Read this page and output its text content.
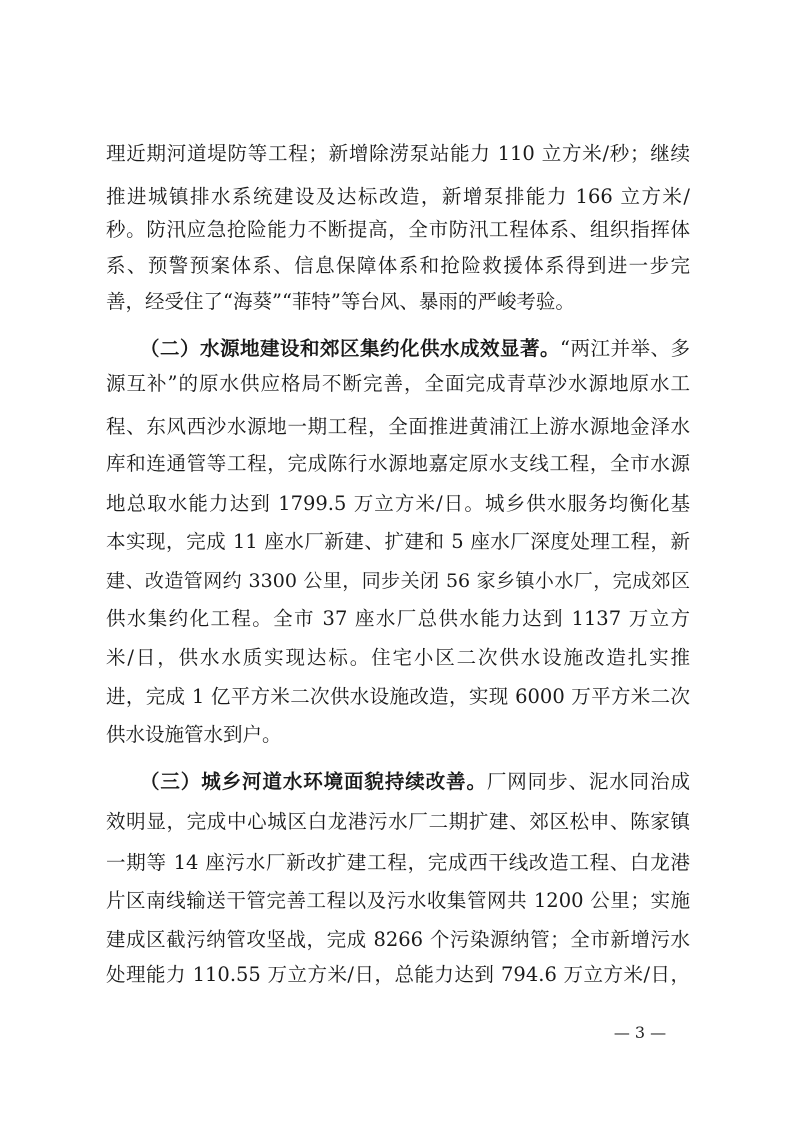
理近期河道堤防等工程；新增除涝泵站能力 110 立方米/秒；继续
推进城镇排水系统建设及达标改造，新增泵排能力 166 立方米/
秒。防汛应急抢险能力不断提高，全市防汛工程体系、组织指挥体
系、预警预案体系、信息保障体系和抢险救援体系得到进一步完
善，经受住了“海葵”“菲特”等台风、暴雨的严峻考验。
（二）水源地建设和郊区集约化供水成效显著。“两江并举、多
源互补”的原水供应格局不断完善，全面完成青草沙水源地原水工
程、东风西沙水源地一期工程，全面推进黄浦江上游水源地金泽水
库和连通管等工程，完成陈行水源地嘉定原水支线工程，全市水源
地总取水能力达到 1799.5 万立方米/日。城乡供水服务均衡化基
本实现，完成 11 座水厂新建、扩建和 5 座水厂深度处理工程，新
建、改造管网约 3300 公里，同步关闭 56 家乡镇小水厂，完成郊区
供水集约化工程。全市 37 座水厂总供水能力达到 1137 万立方
米/日，供水水质实现达标。住宅小区二次供水设施改造扎实推
进，完成 1 亿平方米二次供水设施改造，实现 6000 万平方米二次
供水设施管水到户。
（三）城乡河道水环境面貌持续改善。厂网同步、泥水同治成
效明显，完成中心城区白龙港污水厂二期扩建、郊区松申、陈家镇
一期等 14 座污水厂新改扩建工程，完成西干线改造工程、白龙港
片区南线输送干管完善工程以及污水收集管网共 1200 公里；实施
建成区截污纳管攻坚战，完成 8266 个污染源纳管；全市新增污水
处理能力 110.55 万立方米/日，总能力达到 794.6 万立方米/日，
— 3 —
